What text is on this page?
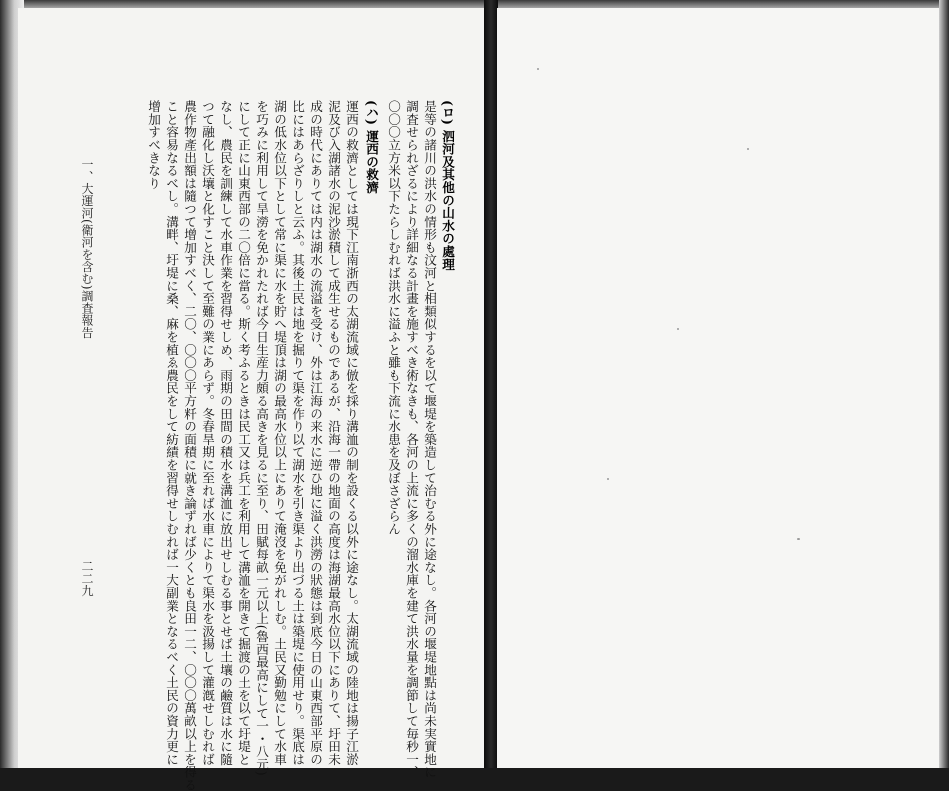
(ロ) 泗河及其他の山水の處理
是等の諸川の洪水の情形も汶河と相類似するを以て堰堤を築造して治むる外に途なし。各河の堰堤地點は尚未実實地に
調査せられざるにより詳細なる計畫を施すべき術なきも、各河の上流に多くの溜水庫を建て洪水量を調節して毎秒一、
〇〇〇立方米以下たらしむれば洪水に溢ふと雖も下流に水患を及ぼさざらん
(ハ) 運西の救濟
運西の救濟としては現下江南浙西の太湖流域に倣を採り溝洫の制を設くる以外に途なし。太湖流域の陸地は揚子江淤
泥及び入湖諸水の泥沙淤積して成生せるものであるが、沿海一帶の地面の高度は海湖最高水位以下にありて、圩田未
成の時代にありては内は湖水の流溢を受け、外は江海の来水に逆ひ地に溢く洪澇の狀態は到底今日の山東西部平原の
比にはあらざりしと云ふ。其後土民は地を掘りて渠を作り以て湖水を引き渠より出づる土は築堤に使用せり。渠底は
湖の低水位以下として常に渠に水を貯へ堤頂は湖の最高水位以上にありて淹沒を免がれしむ。土民又勤勉にして水車
を巧みに利用して旱澇を免かれたれば今日生産力頗る高きを見るに至り、田賦每畝一元以上(魯西最高にして一・八元)
にして正に山東西部の二〇倍に當る。斯く考ふるときは民工又は兵工を利用して溝洫を開きて掘渡の土を以て圩堤と
なし、農民を訓練して水車作業を習得せしめ、雨期の田間の積水を溝洫に放出せしむる事とせば土壤の鹼質は水に隨
つて融化し沃壤と化すこと決して至難の業にあらず。冬春旱期に至れば水車によりて渠水を汲揚して灌漑せしむれば
農作物產出額は隨つて增加すべく、二〇、〇〇〇平方粁の面積に就き論ずれば少くとも良田一二、〇〇〇萬畝以上を得る
こと容易なるべし。溝畔、圩堤に桑、麻を植ゑ農民をして紡績を習得せしむれば一大副業となるべく土民の資力更に
增加すべきなり
一、大運河(衛河を含む)調査報告
二二九
